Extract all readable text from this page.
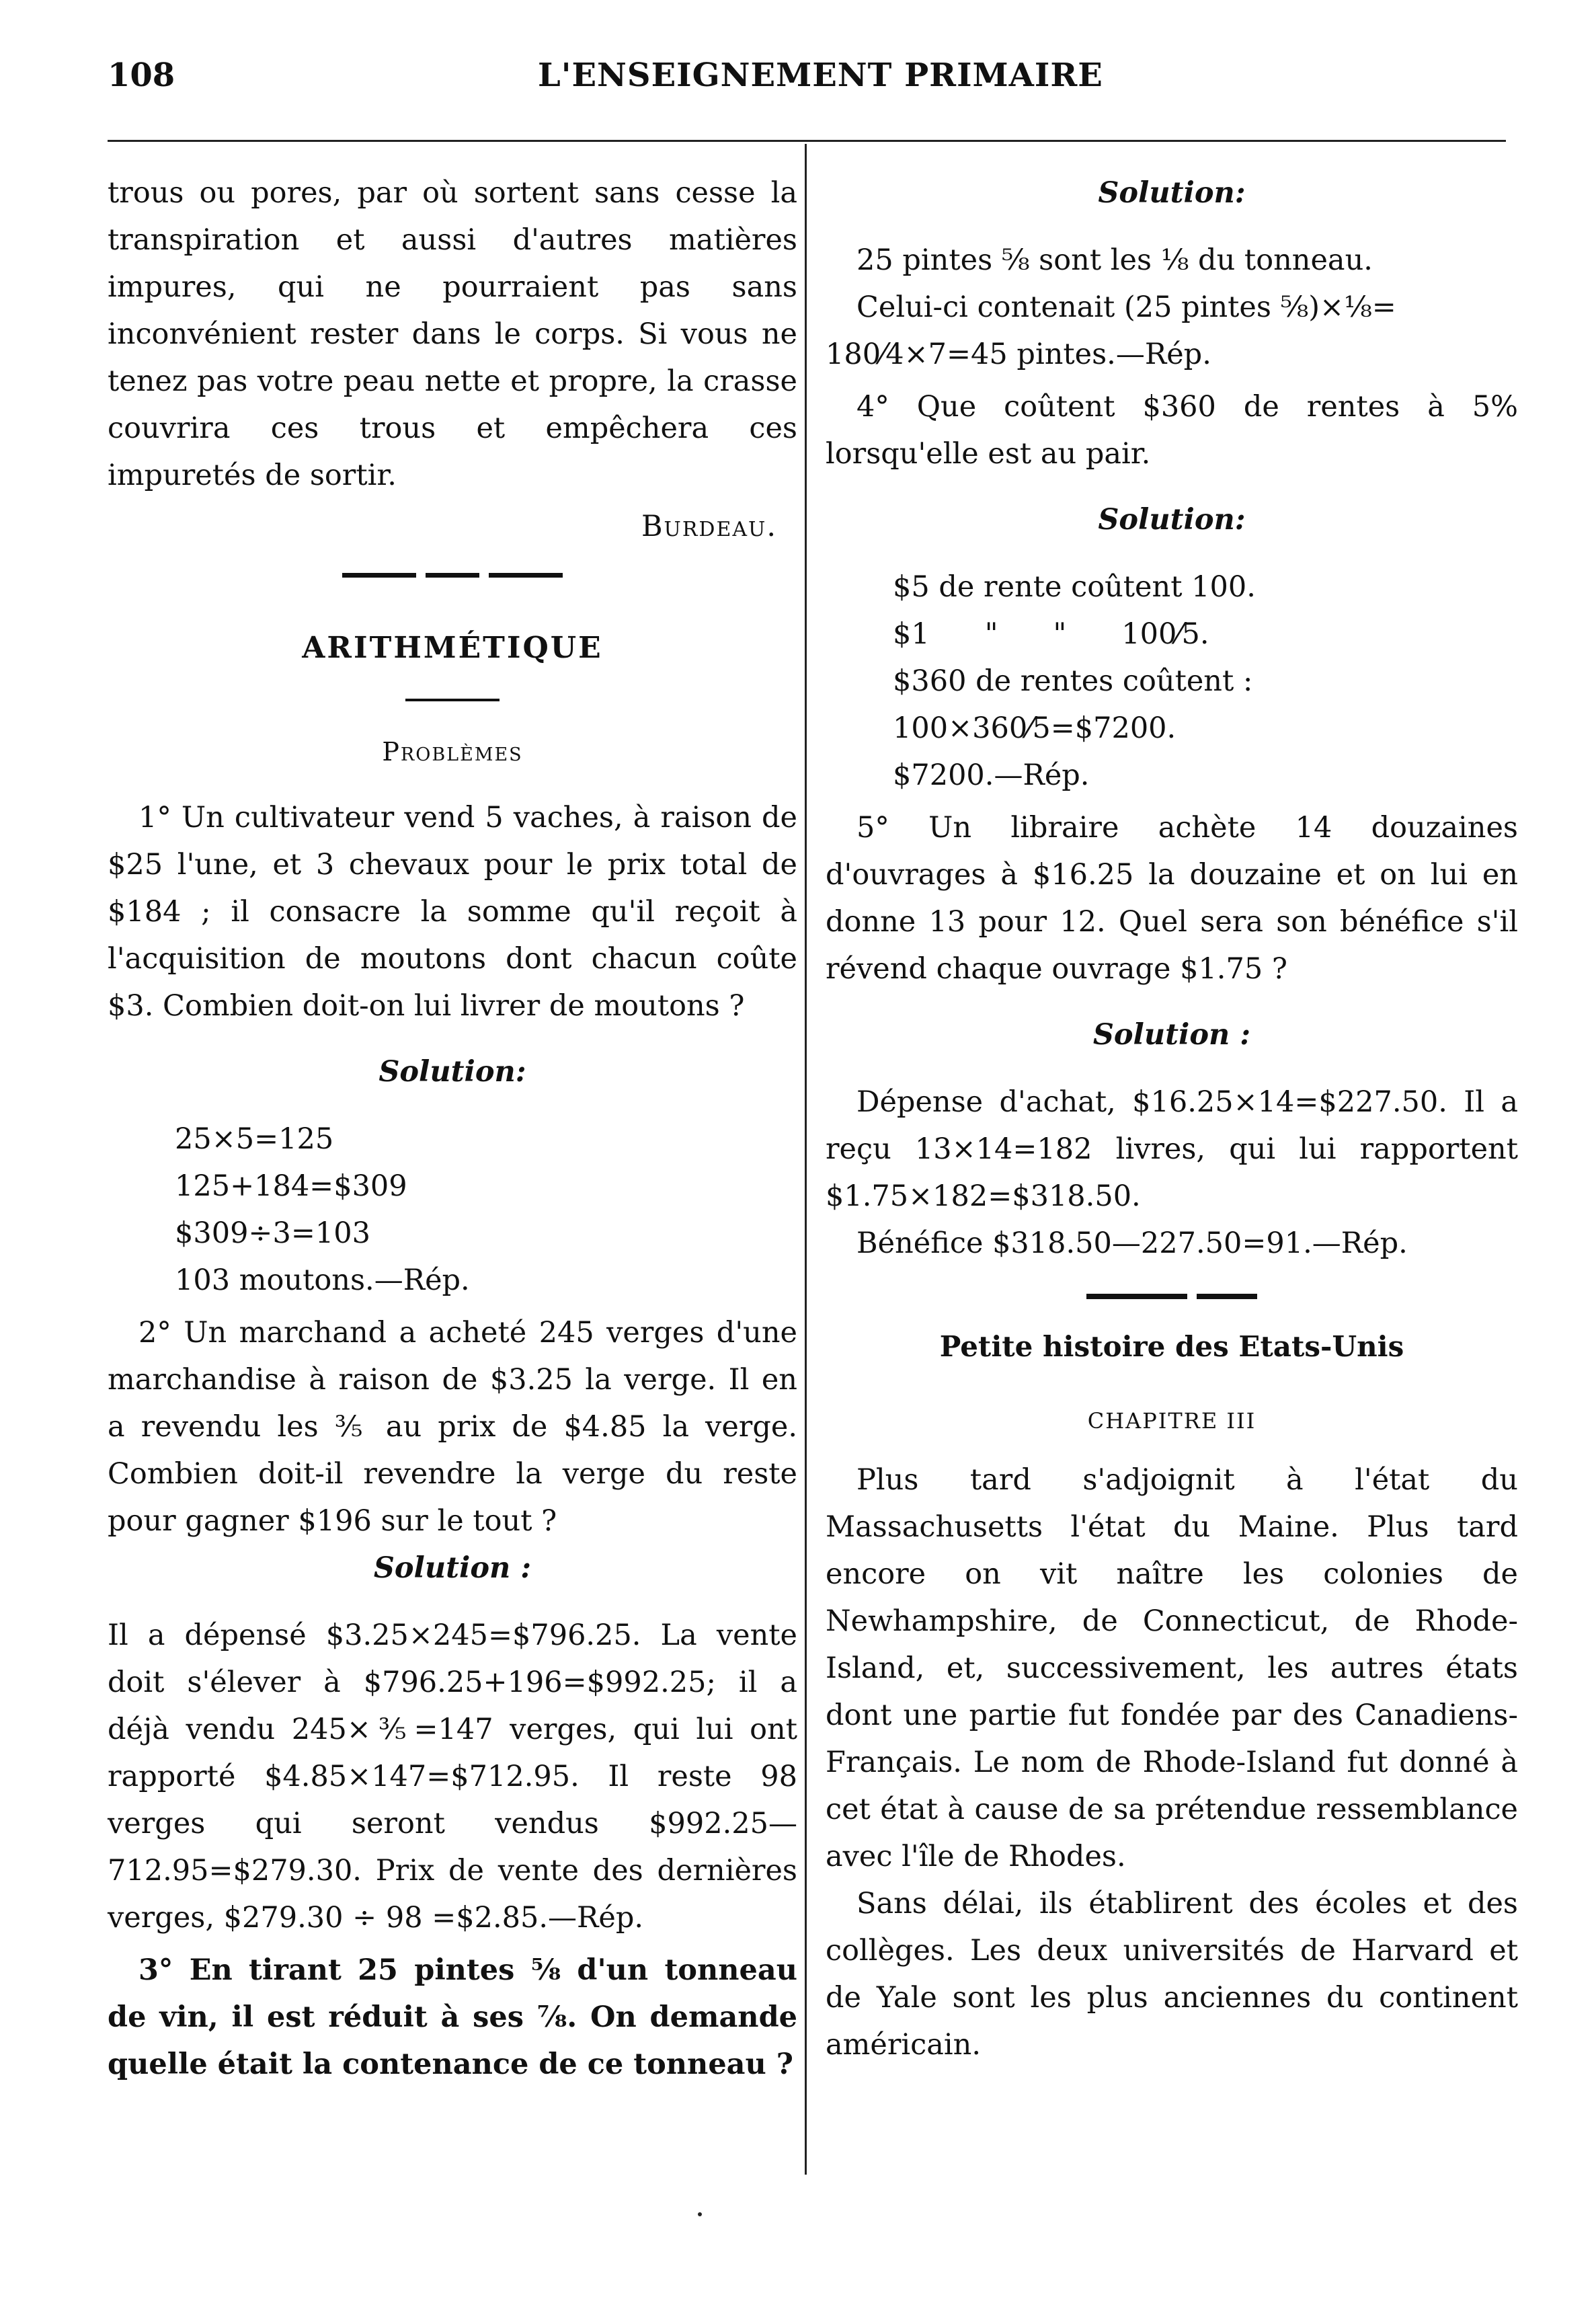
108	L'ENSEIGNEMENT PRIMAIRE

trous ou pores, par où sortent sans cesse la transpiration et aussi d'autres matières impures, qui ne pourraient pas sans inconvénient rester dans le corps. Si vous ne tenez pas votre peau nette et propre, la crasse couvrira ces trous et empêchera ces impuretés de sortir.

Burdeau.

ARITHMÉTIQUE

Problèmes

1° Un cultivateur vend 5 vaches, à raison de $25 l'une, et 3 chevaux pour le prix total de $184 ; il consacre la somme qu'il reçoit à l'acquisition de moutons dont chacun coûte $3. Combien doit-on lui livrer de moutons ?

Solution:

25×5=125

125+184=$309

$309÷3=103

103 moutons.—Rép.

2° Un marchand a acheté 245 verges d'une marchandise à raison de $3.25 la verge. Il en a revendu les ⅗ au prix de $4.85 la verge. Combien doit-il revendre la verge du reste pour gagner $196 sur le tout ?

Solution :

Il a dépensé $3.25×245=$796.25. La vente doit s'élever à $796.25+196=$992.25; il a déjà vendu 245×⅗=147 verges, qui lui ont rapporté $4.85×147=$712.95. Il reste 98 verges qui seront vendus $992.25—712.95=$279.30. Prix de vente des dernières verges, $279.30 ÷ 98 =$2.85.—Rép.

3° En tirant 25 pintes ⅝ d'un tonneau de vin, il est réduit à ses ⅞. On demande quelle était la contenance de ce tonneau ?

Solution:

25 pintes ⅝ sont les ⅛ du tonneau.

Celui-ci contenait (25 pintes ⅝)×⅛=

180⁄4×7=45 pintes.—Rép.

4° Que coûtent $360 de rentes à 5% lorsqu'elle est au pair.

Solution:

$5 de rente coûtent 100.

$1      "      "      100⁄5.

$360 de rentes coûtent :

100×360⁄5=$7200.

$7200.—Rép.

5° Un libraire achète 14 douzaines d'ouvrages à $16.25 la douzaine et on lui en donne 13 pour 12. Quel sera son bénéfice s'il révend chaque ouvrage $1.75 ?

Solution :

Dépense d'achat, $16.25×14=$227.50. Il a reçu 13×14=182 livres, qui lui rapportent $1.75×182=$318.50.

Bénéfice $318.50—227.50=91.—Rép.

Petite histoire des Etats-Unis

CHAPITRE III

Plus tard s'adjoignit à l'état du Massachusetts l'état du Maine. Plus tard encore on vit naître les colonies de Newhampshire, de Connecticut, de Rhode-Island, et, successivement, les autres états dont une partie fut fondée par des Canadiens-Français. Le nom de Rhode-Island fut donné à cet état à cause de sa prétendue ressemblance avec l'île de Rhodes.

Sans délai, ils établirent des écoles et des collèges. Les deux universités de Harvard et de Yale sont les plus anciennes du continent américain.
